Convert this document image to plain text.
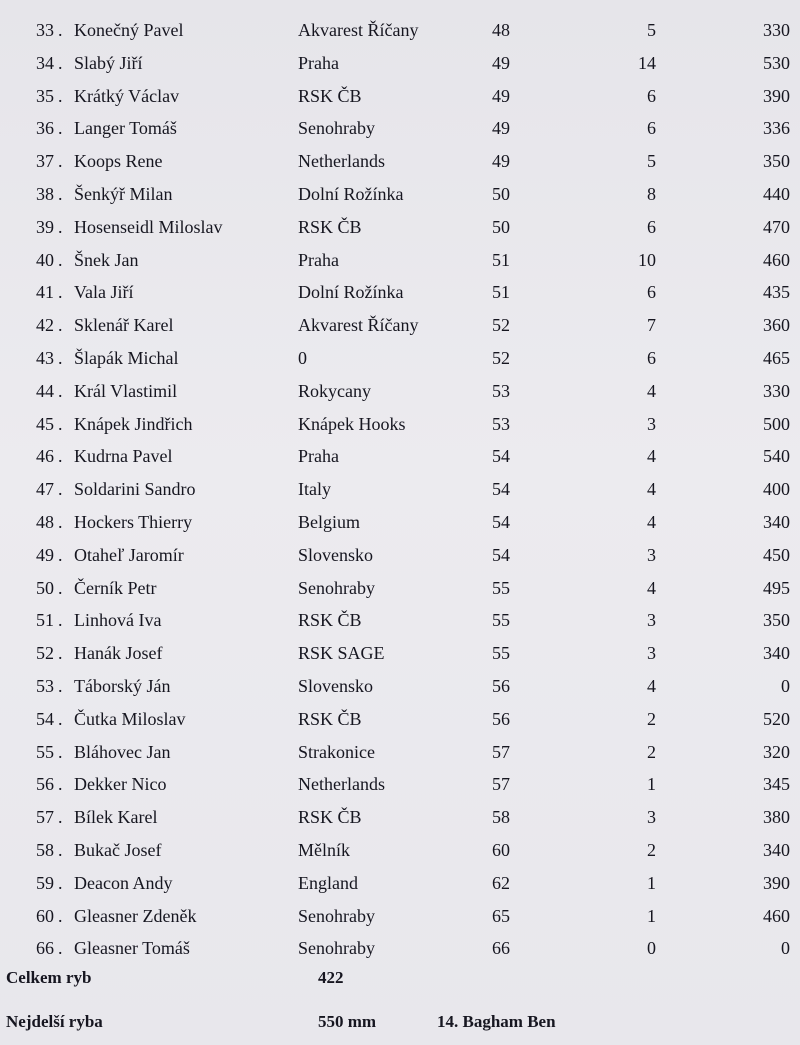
33 . Konečný Pavel	Akvarest Říčany	48	5	330
34 . Slabý Jiří	Praha	49	14	530
35 . Krátký Václav	RSK ČB	49	6	390
36 . Langer Tomáš	Senohraby	49	6	336
37 . Koops Rene	Netherlands	49	5	350
38 . Šenkýř Milan	Dolní Rožínka	50	8	440
39 . Hosenseidl Miloslav	RSK ČB	50	6	470
40 . Šnek Jan	Praha	51	10	460
41 . Vala Jiří	Dolní Rožínka	51	6	435
42 . Sklenář Karel	Akvarest Říčany	52	7	360
43 . Šlapák Michal	0	52	6	465
44 . Král Vlastimil	Rokycany	53	4	330
45 . Knápek Jindřich	Knápek Hooks	53	3	500
46 . Kudrna Pavel	Praha	54	4	540
47 . Soldarini Sandro	Italy	54	4	400
48 . Hockers Thierry	Belgium	54	4	340
49 . Otaheľ Jaromír	Slovensko	54	3	450
50 . Černík Petr	Senohraby	55	4	495
51 . Linhová Iva	RSK ČB	55	3	350
52 . Hanák Josef	RSK SAGE	55	3	340
53 . Táborský Ján	Slovensko	56	4	0
54 . Čutka Miloslav	RSK ČB	56	2	520
55 . Bláhovec Jan	Strakonice	57	2	320
56 . Dekker Nico	Netherlands	57	1	345
57 . Bílek Karel	RSK ČB	58	3	380
58 . Bukač Josef	Mělník	60	2	340
59 . Deacon Andy	England	62	1	390
60 . Gleasner Zdeněk	Senohraby	65	1	460
66 . Gleasner Tomáš	Senohraby	66	0	0
Celkem ryb	422
Nejdelší ryba	550 mm	14. Bagham Ben
